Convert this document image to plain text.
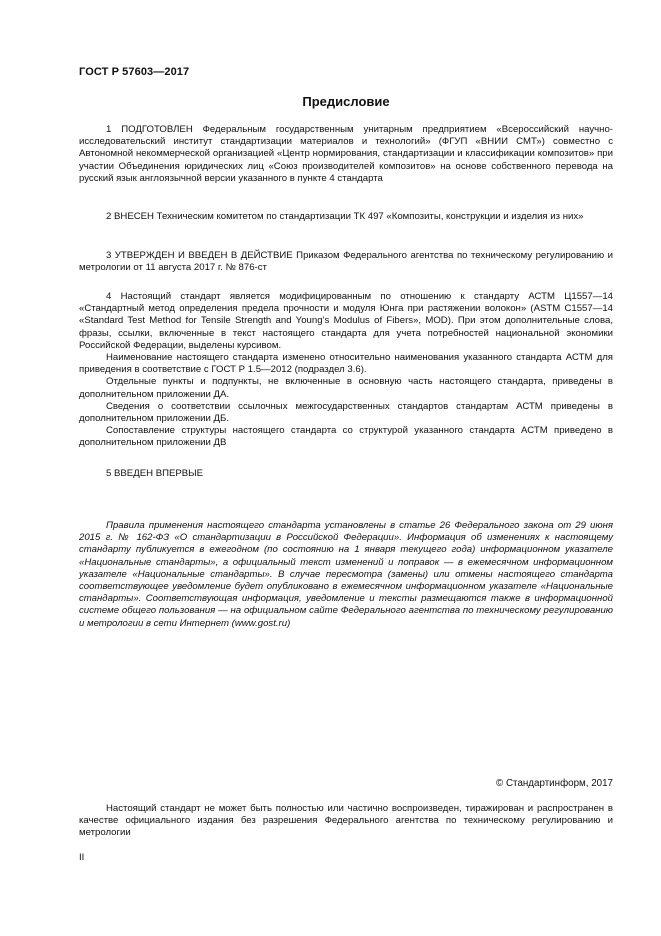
ГОСТ Р 57603—2017
Предисловие

1 ПОДГОТОВЛЕН Федеральным государственным унитарным предприятием «Всероссийский научно-исследовательский институт стандартизации материалов и технологий» (ФГУП «ВНИИ СМТ») совместно с Автономной некоммерческой организацией «Центр нормирования, стандартизации и классификации композитов» при участии Объединения юридических лиц «Союз производителей композитов» на основе собственного перевода на русский язык англоязычной версии указанного в пункте 4 стандарта

2 ВНЕСЕН Техническим комитетом по стандартизации ТК 497 «Композиты, конструкции и изделия из них»

3 УТВЕРЖДЕН И ВВЕДЕН В ДЕЙСТВИЕ Приказом Федерального агентства по техническому регулированию и метрологии от 11 августа 2017 г. № 876-ст

4 Настоящий стандарт является модифицированным по отношению к стандарту АСТМ Ц1557—14 «Стандартный метод определения предела прочности и модуля Юнга при растяжении волокон» (ASTM C1557—14 «Standard Test Method for Tensile Strength and Young’s Modulus of Fibers», MOD). При этом дополнительные слова, фразы, ссылки, включенные в текст настоящего стандарта для учета потребностей национальной экономики Российской Федерации, выделены курсивом.

Наименование настоящего стандарта изменено относительно наименования указанного стандарта АСТМ для приведения в соответствие с ГОСТ Р 1.5—2012 (подраздел 3.6).

Отдельные пункты и подпункты, не включенные в основную часть настоящего стандарта, приведены в дополнительном приложении ДА.

Сведения о соответствии ссылочных межгосударственных стандартов стандартам АСТМ приведены в дополнительном приложении ДБ.

Сопоставление структуры настоящего стандарта со структурой указанного стандарта АСТМ приведено в дополнительном приложении ДВ

5 ВВЕДЕН ВПЕРВЫЕ

Правила применения настоящего стандарта установлены в статье 26 Федерального закона от 29 июня 2015 г. № 162-ФЗ «О стандартизации в Российской Федерации». Информация об изменениях к настоящему стандарту публикуется в ежегодном (по состоянию на 1 января текущего года) информационном указателе «Национальные стандарты», а официальный текст изменений и поправок — в ежемесячном информационном указателе «Национальные стандарты». В случае пересмотра (замены) или отмены настоящего стандарта соответствующее уведомление будет опубликовано в ежемесячном информационном указателе «Национальные стандарты». Соответствующая информация, уведомление и тексты размещаются также в информационной системе общего пользования — на официальном сайте Федерального агентства по техническому регулированию и метрологии в сети Интернет (www.gost.ru)

© Стандартинформ, 2017

Настоящий стандарт не может быть полностью или частично воспроизведен, тиражирован и распространен в качестве официального издания без разрешения Федерального агентства по техническому регулированию и метрологии

II
